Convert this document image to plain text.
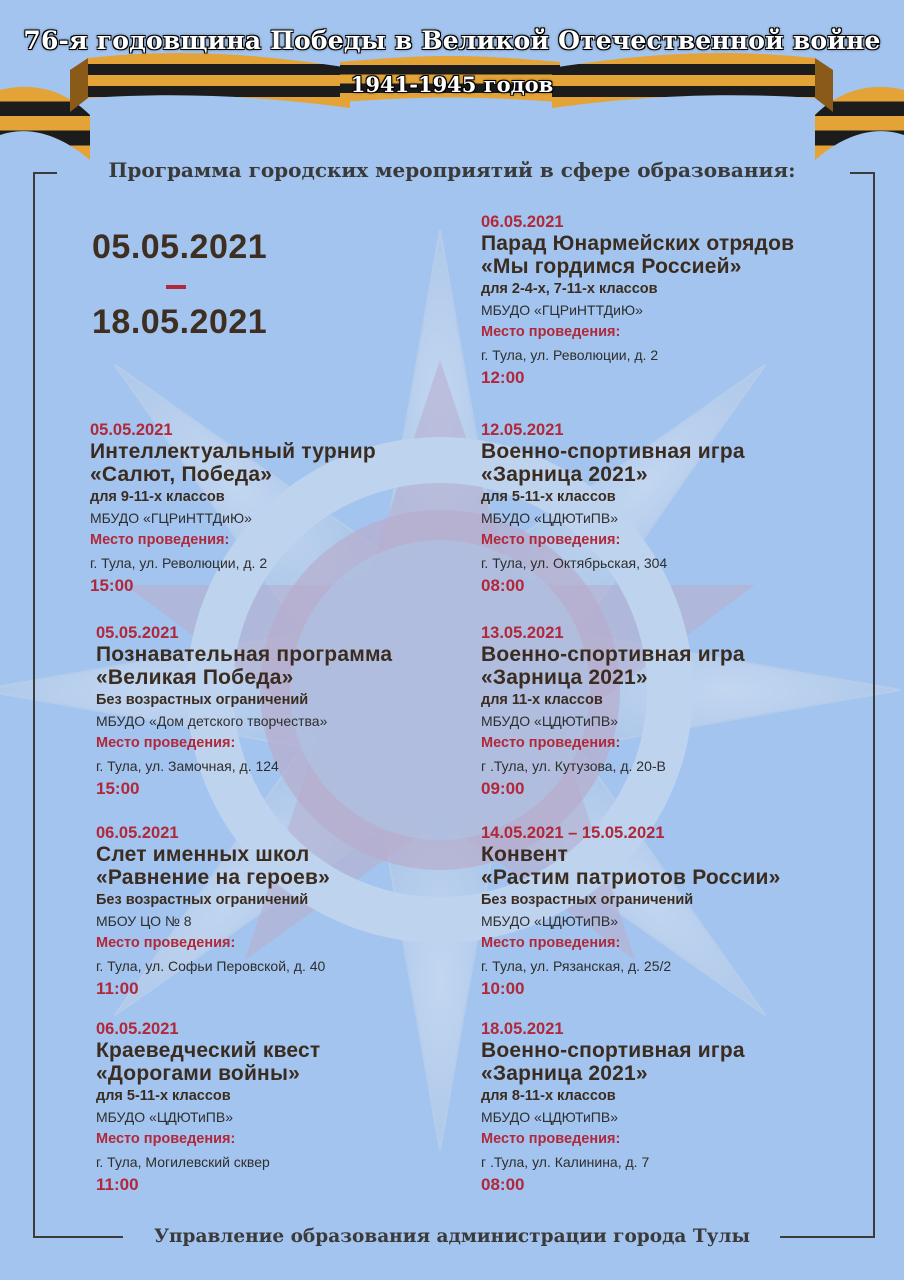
76-я годовщина Победы в Великой Отечественной войне
1941-1945 годов
Программа городских мероприятий в сфере образования:
05.05.2021
18.05.2021
06.05.2021
Парад Юнармейских отрядов
«Мы гордимся Россией»
для 2-4-х, 7-11-х классов
МБУДО «ГЦРиНТТДиЮ»
Место проведения:
г. Тула, ул. Революции, д. 2
12:00
05.05.2021
Интеллектуальный турнир
«Салют, Победа»
для 9-11-х классов
МБУДО «ГЦРиНТТДиЮ»
Место проведения:
г. Тула, ул. Революции, д. 2
15:00
12.05.2021
Военно-спортивная игра
«Зарница 2021»
для 5-11-х классов
МБУДО «ЦДЮТиПВ»
Место проведения:
г. Тула, ул. Октябрьская, 304
08:00
05.05.2021
Познавательная программа
«Великая Победа»
Без возрастных ограничений
МБУДО «Дом детского творчества»
Место проведения:
г. Тула, ул. Замочная, д. 124
15:00
13.05.2021
Военно-спортивная игра
«Зарница 2021»
для 11-х классов
МБУДО «ЦДЮТиПВ»
Место проведения:
г .Тула, ул. Кутузова, д. 20-В
09:00
06.05.2021
Слет именных школ
«Равнение на героев»
Без возрастных ограничений
МБОУ ЦО № 8
Место проведения:
г. Тула, ул. Софьи Перовской, д. 40
11:00
14.05.2021 – 15.05.2021
Конвент
«Растим патриотов России»
Без возрастных ограничений
МБУДО «ЦДЮТиПВ»
Место проведения:
г. Тула, ул. Рязанская, д. 25/2
10:00
06.05.2021
Краеведческий квест
«Дорогами войны»
для 5-11-х классов
МБУДО «ЦДЮТиПВ»
Место проведения:
г. Тула, Могилевский сквер
11:00
18.05.2021
Военно-спортивная игра
«Зарница 2021»
для 8-11-х классов
МБУДО «ЦДЮТиПВ»
Место проведения:
г .Тула, ул. Калинина, д. 7
08:00
Управление образования администрации города Тулы
